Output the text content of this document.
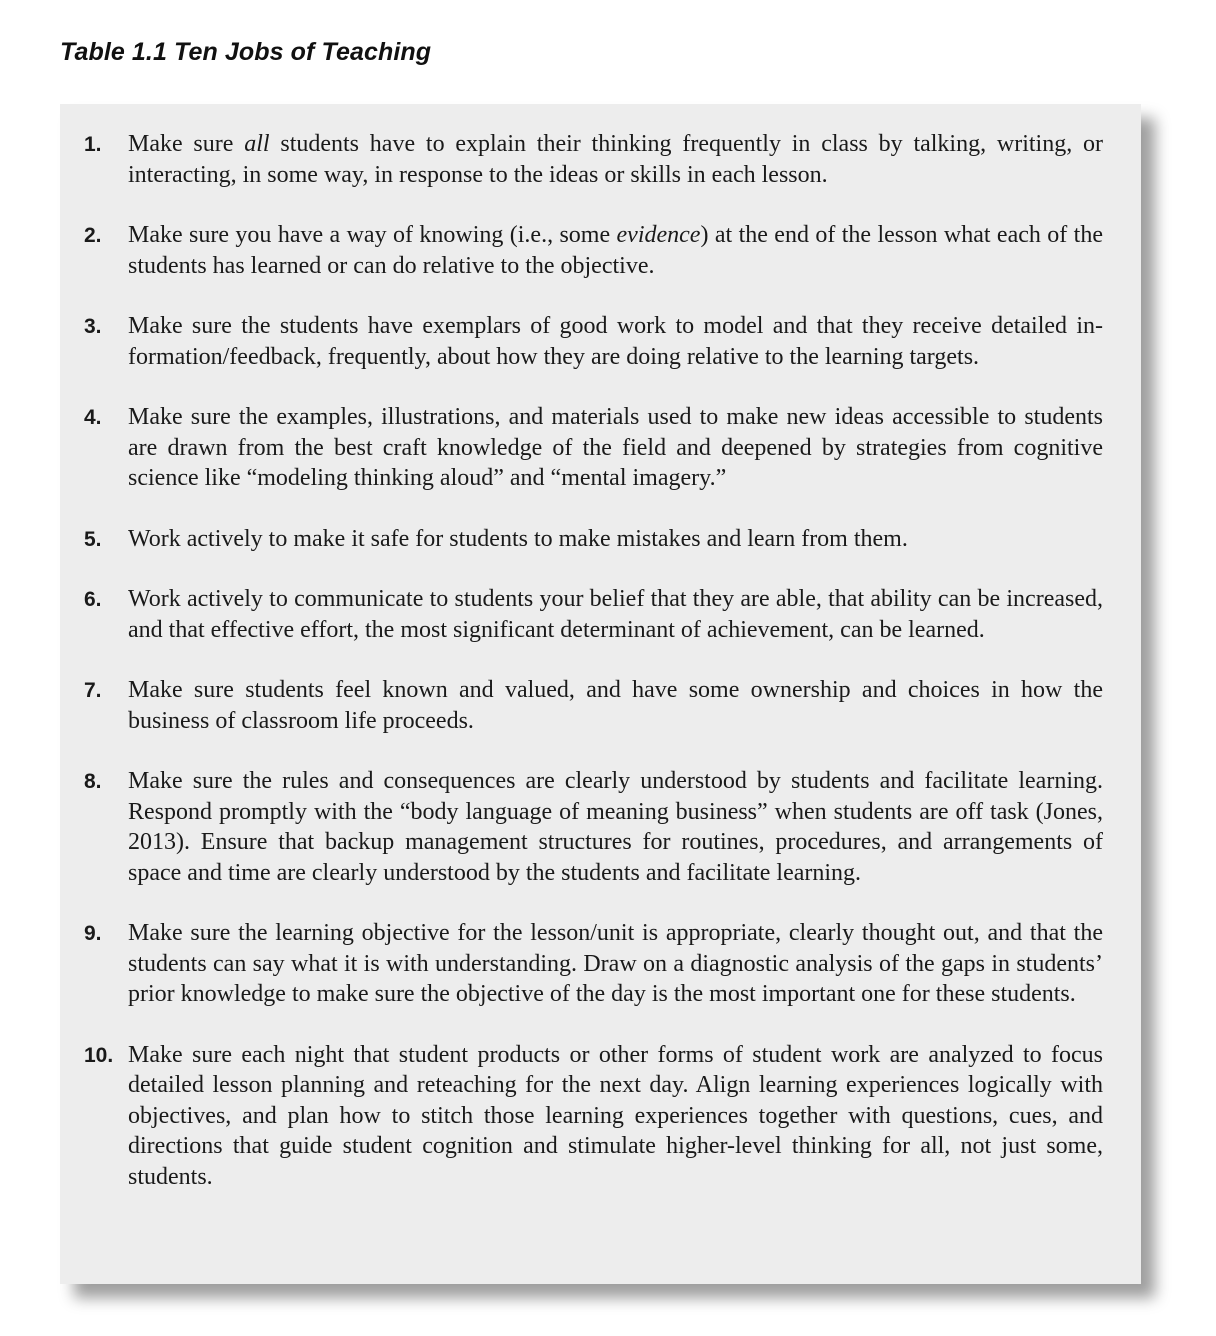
Table 1.1 Ten Jobs of Teaching
1. Make sure all students have to explain their thinking frequently in class by talking, writing, or interacting, in some way, in response to the ideas or skills in each lesson.
2. Make sure you have a way of knowing (i.e., some evidence) at the end of the lesson what each of the students has learned or can do relative to the objective.
3. Make sure the students have exemplars of good work to model and that they receive detailed information/feedback, frequently, about how they are doing relative to the learning targets.
4. Make sure the examples, illustrations, and materials used to make new ideas accessible to students are drawn from the best craft knowledge of the field and deepened by strategies from cognitive science like “modeling thinking aloud” and “mental imagery.”
5. Work actively to make it safe for students to make mistakes and learn from them.
6. Work actively to communicate to students your belief that they are able, that ability can be increased, and that effective effort, the most significant determinant of achievement, can be learned.
7. Make sure students feel known and valued, and have some ownership and choices in how the business of classroom life proceeds.
8. Make sure the rules and consequences are clearly understood by students and facilitate learning. Respond promptly with the “body language of meaning business” when students are off task (Jones, 2013). Ensure that backup management structures for routines, procedures, and arrangements of space and time are clearly understood by the students and facilitate learning.
9. Make sure the learning objective for the lesson/unit is appropriate, clearly thought out, and that the students can say what it is with understanding. Draw on a diagnostic analysis of the gaps in students’ prior knowledge to make sure the objective of the day is the most important one for these students.
10. Make sure each night that student products or other forms of student work are analyzed to focus detailed lesson planning and reteaching for the next day. Align learning experiences logically with objectives, and plan how to stitch those learning experiences together with questions, cues, and directions that guide student cognition and stimulate higher-level thinking for all, not just some, students.
